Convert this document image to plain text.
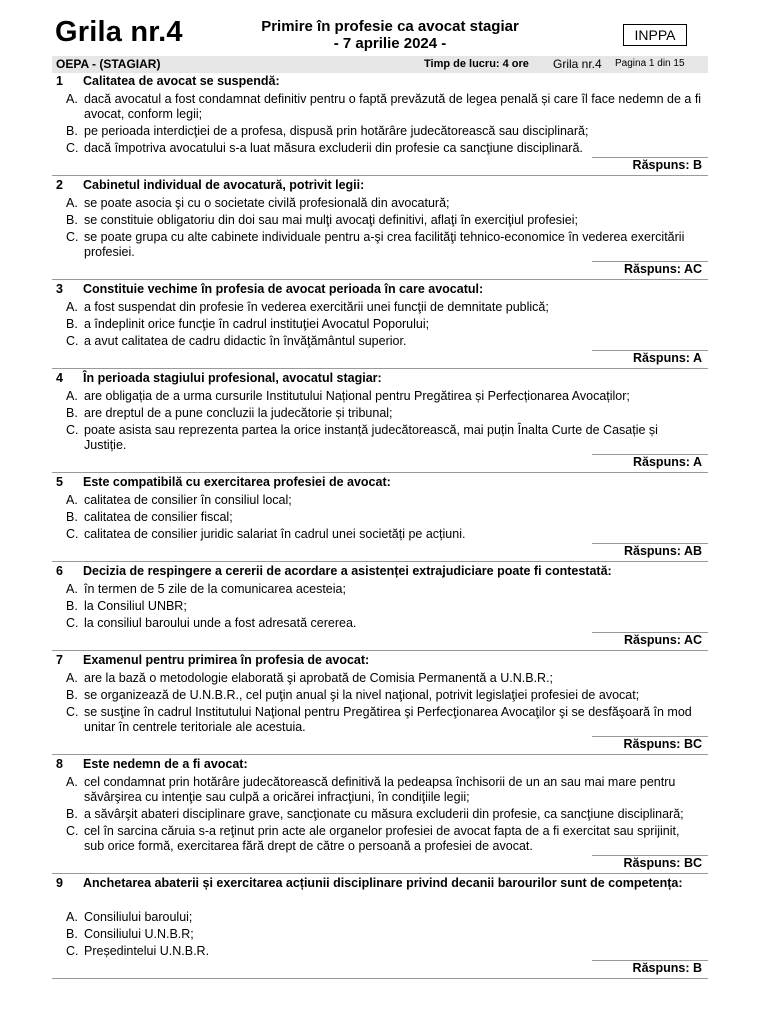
Grila nr.4	Primire în profesie ca avocat stagiar
- 7 aprilie 2024 -	INPPA
OEPA - (STAGIAR)	Timp de lucru: 4 ore Grila nr.4 Pagina 1 din 15
1	Calitatea de avocat se suspendă:
A. dacă avocatul a fost condamnat definitiv pentru o faptă prevăzută de legea penală și care îl face nedemn de a fi avocat, conform legii;
B. pe perioada interdicţiei de a profesa, dispusă prin hotărâre judecătorească sau disciplinară;
C. dacă împotriva avocatului s-a luat măsura excluderii din profesie ca sancţiune disciplinară.
Răspuns: B
2	Cabinetul individual de avocatură, potrivit legii:
A. se poate asocia şi cu o societate civilă profesională din avocatură;
B. se constituie obligatoriu din doi sau mai mulţi avocaţi definitivi, aflaţi în exerciţiul profesiei;
C. se poate grupa cu alte cabinete individuale pentru a-şi crea facilităţi tehnico-economice în vederea exercitării profesiei.
Răspuns: AC
3	Constituie vechime în profesia de avocat perioada în care avocatul:
A. a fost suspendat din profesie în vederea exercitării unei funcţii de demnitate publică;
B. a îndeplinit orice funcţie în cadrul instituţiei Avocatul Poporului;
C. a avut calitatea de cadru didactic în învăţământul superior.
Răspuns: A
4	În perioada stagiului profesional, avocatul stagiar:
A. are obligația de a urma cursurile Institutului Național pentru Pregătirea și Perfecționarea Avocaților;
B. are dreptul de a pune concluzii la judecătorie și tribunal;
C. poate asista sau reprezenta partea la orice instanță judecătorească, mai puțin Înalta Curte de Casație și Justiție.
Răspuns: A
5	Este compatibilă cu exercitarea profesiei de avocat:
A. calitatea de consilier în consiliul local;
B. calitatea de consilier fiscal;
C. calitatea de consilier juridic salariat în cadrul unei societăți pe acțiuni.
Răspuns: AB
6	Decizia de respingere a cererii de acordare a asistenței extrajudiciare poate fi contestată:
A. în termen de 5 zile de la comunicarea acesteia;
B. la Consiliul UNBR;
C. la consiliul baroului unde a fost adresată cererea.
Răspuns: AC
7	Examenul pentru primirea în profesia de avocat:
A. are la bază o metodologie elaborată şi aprobată de Comisia Permanentă a U.N.B.R.;
B. se organizează de U.N.B.R., cel puţin anual şi la nivel naţional, potrivit legislaţiei profesiei de avocat;
C. se susţine în cadrul Institutului Naţional pentru Pregătirea şi Perfecţionarea Avocaţilor şi se desfăşoară în mod unitar în centrele teritoriale ale acestuia.
Răspuns: BC
8	Este nedemn de a fi avocat:
A. cel condamnat prin hotărâre judecătorească definitivă la pedeapsa închisorii de un an sau mai mare pentru săvârşirea cu intenţie sau culpă a oricărei infracţiuni, în condiţiile legii;
B. a săvârşit abateri disciplinare grave, sancţionate cu măsura excluderii din profesie, ca sancţiune disciplinară;
C. cel în sarcina căruia s-a reţinut prin acte ale organelor profesiei de avocat fapta de a fi exercitat sau sprijinit, sub orice formă, exercitarea fără drept de către o persoană a profesiei de avocat.
Răspuns: BC
9	Anchetarea abaterii și exercitarea acțiunii disciplinare privind decanii barourilor sunt de competența:
A. Consiliului baroului;
B. Consiliului U.N.B.R;
C. Președintelui U.N.B.R.
Răspuns: B
